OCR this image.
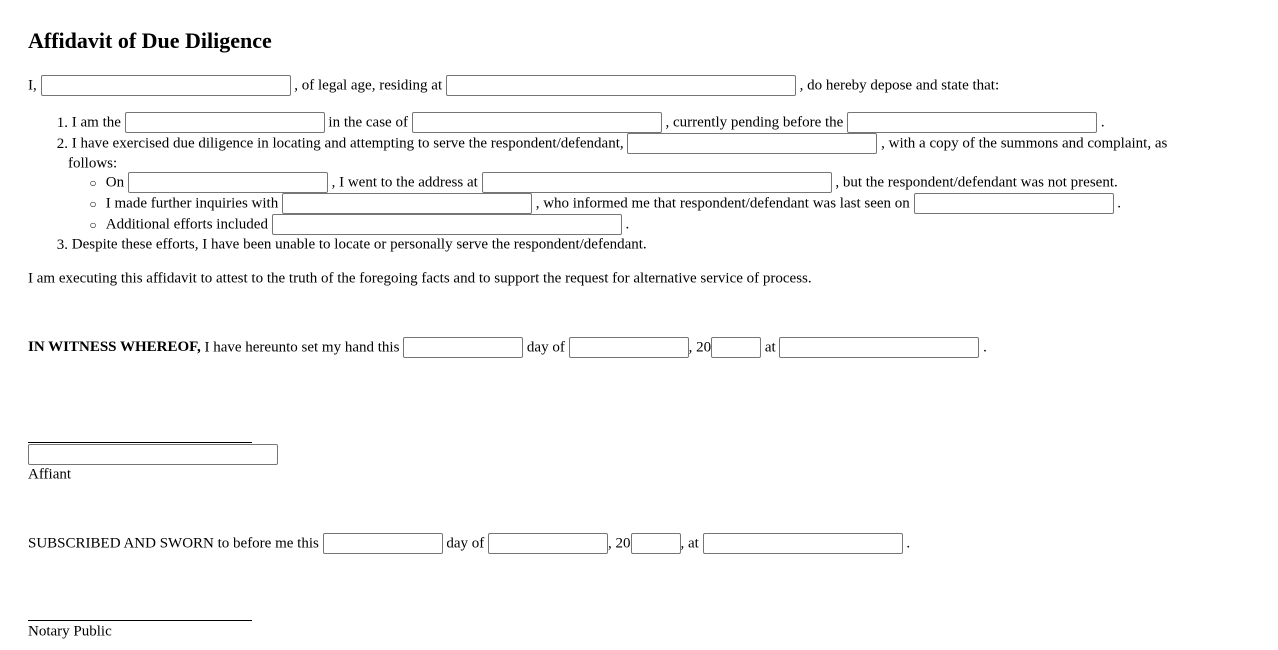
Affidavit of Due Diligence
I,	, of legal age, residing at	, do hereby depose and state that:
1. I am the	in the case of	, currently pending before the	.
2. I have exercised due diligence in locating and attempting to serve the respondent/defendant,	, with a copy of the summons and complaint, as
follows:
○ On	, I went to the address at	, but the respondent/defendant was not present.
○ I made further inquiries with	, who informed me that respondent/defendant was last seen on	.
○ Additional efforts included	.
3. Despite these efforts, I have been unable to locate or personally serve the respondent/defendant.
I am executing this affidavit to attest to the truth of the foregoing facts and to support the request for alternative service of process.
IN WITNESS WHEREOF, I have hereunto set my hand this	day of	, 20	at	.
Affiant
SUBSCRIBED AND SWORN to before me this	day of	, 20	, at	.
Notary Public
